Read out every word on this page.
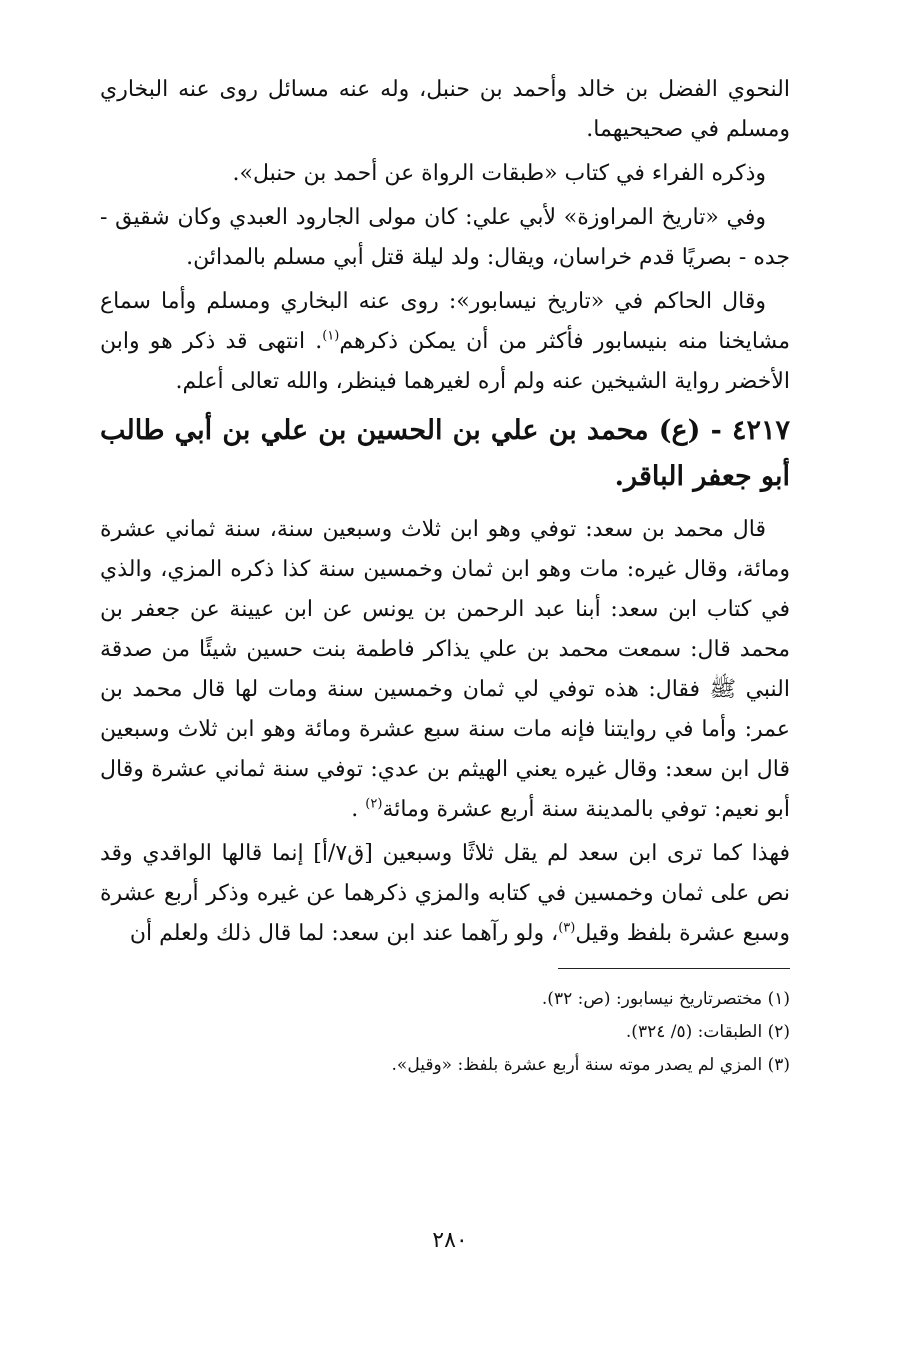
النحوي الفضل بن خالد وأحمد بن حنبل، وله عنه مسائل روى عنه البخاري ومسلم في صحيحيهما.

وذكره الفراء في كتاب «طبقات الرواة عن أحمد بن حنبل».

وفي «تاريخ المراوزة» لأبي علي: كان مولى الجارود العبدي وكان شقيق - جده - بصريًا قدم خراسان، ويقال: ولد ليلة قتل أبي مسلم بالمدائن.

وقال الحاكم في «تاريخ نيسابور»: روى عنه البخاري ومسلم وأما سماع مشايخنا منه بنيسابور فأكثر من أن يمكن ذكرهم$^{(١)}$. انتهى قد ذكر هو وابن الأخضر رواية الشيخين عنه ولم أره لغيرهما فينظر، والله تعالى أعلم.

٤٢١٧ - (ع) محمد بن علي بن الحسين بن علي بن أبي طالب أبو جعفر الباقر.

قال محمد بن سعد: توفي وهو ابن ثلاث وسبعين سنة، سنة ثماني عشرة ومائة، وقال غيره: مات وهو ابن ثمان وخمسين سنة كذا ذكره المزي، والذي في كتاب ابن سعد: أبنا عبد الرحمن بن يونس عن ابن عيينة عن جعفر بن محمد قال: سمعت محمد بن علي يذاكر فاطمة بنت حسين شيئًا من صدقة النبي ﷺ فقال: هذه توفي لي ثمان وخمسين سنة ومات لها قال محمد بن عمر: وأما في روايتنا فإنه مات سنة سبع عشرة ومائة وهو ابن ثلاث وسبعين قال ابن سعد: وقال غيره يعني الهيثم بن عدي: توفي سنة ثماني عشرة وقال أبو نعيم: توفي بالمدينة سنة أربع عشرة ومائة$^{(٢)}$ .

فهذا كما ترى ابن سعد لم يقل ثلاثًا وسبعين [ق٧/أ] إنما قالها الواقدي وقد نص على ثمان وخمسين في كتابه والمزي ذكرهما عن غيره وذكر أربع عشرة وسبع عشرة بلفظ وقيل$^{(٣)}$، ولو رآهما عند ابن سعد: لما قال ذلك ولعلم أن

(١) مختصرتاريخ نيسابور: (ص: ٣٢).

(٢) الطبقات: (٥/ ٣٢٤).

(٣) المزي لم يصدر موته سنة أربع عشرة بلفظ: «وقيل».

٢٨٠
